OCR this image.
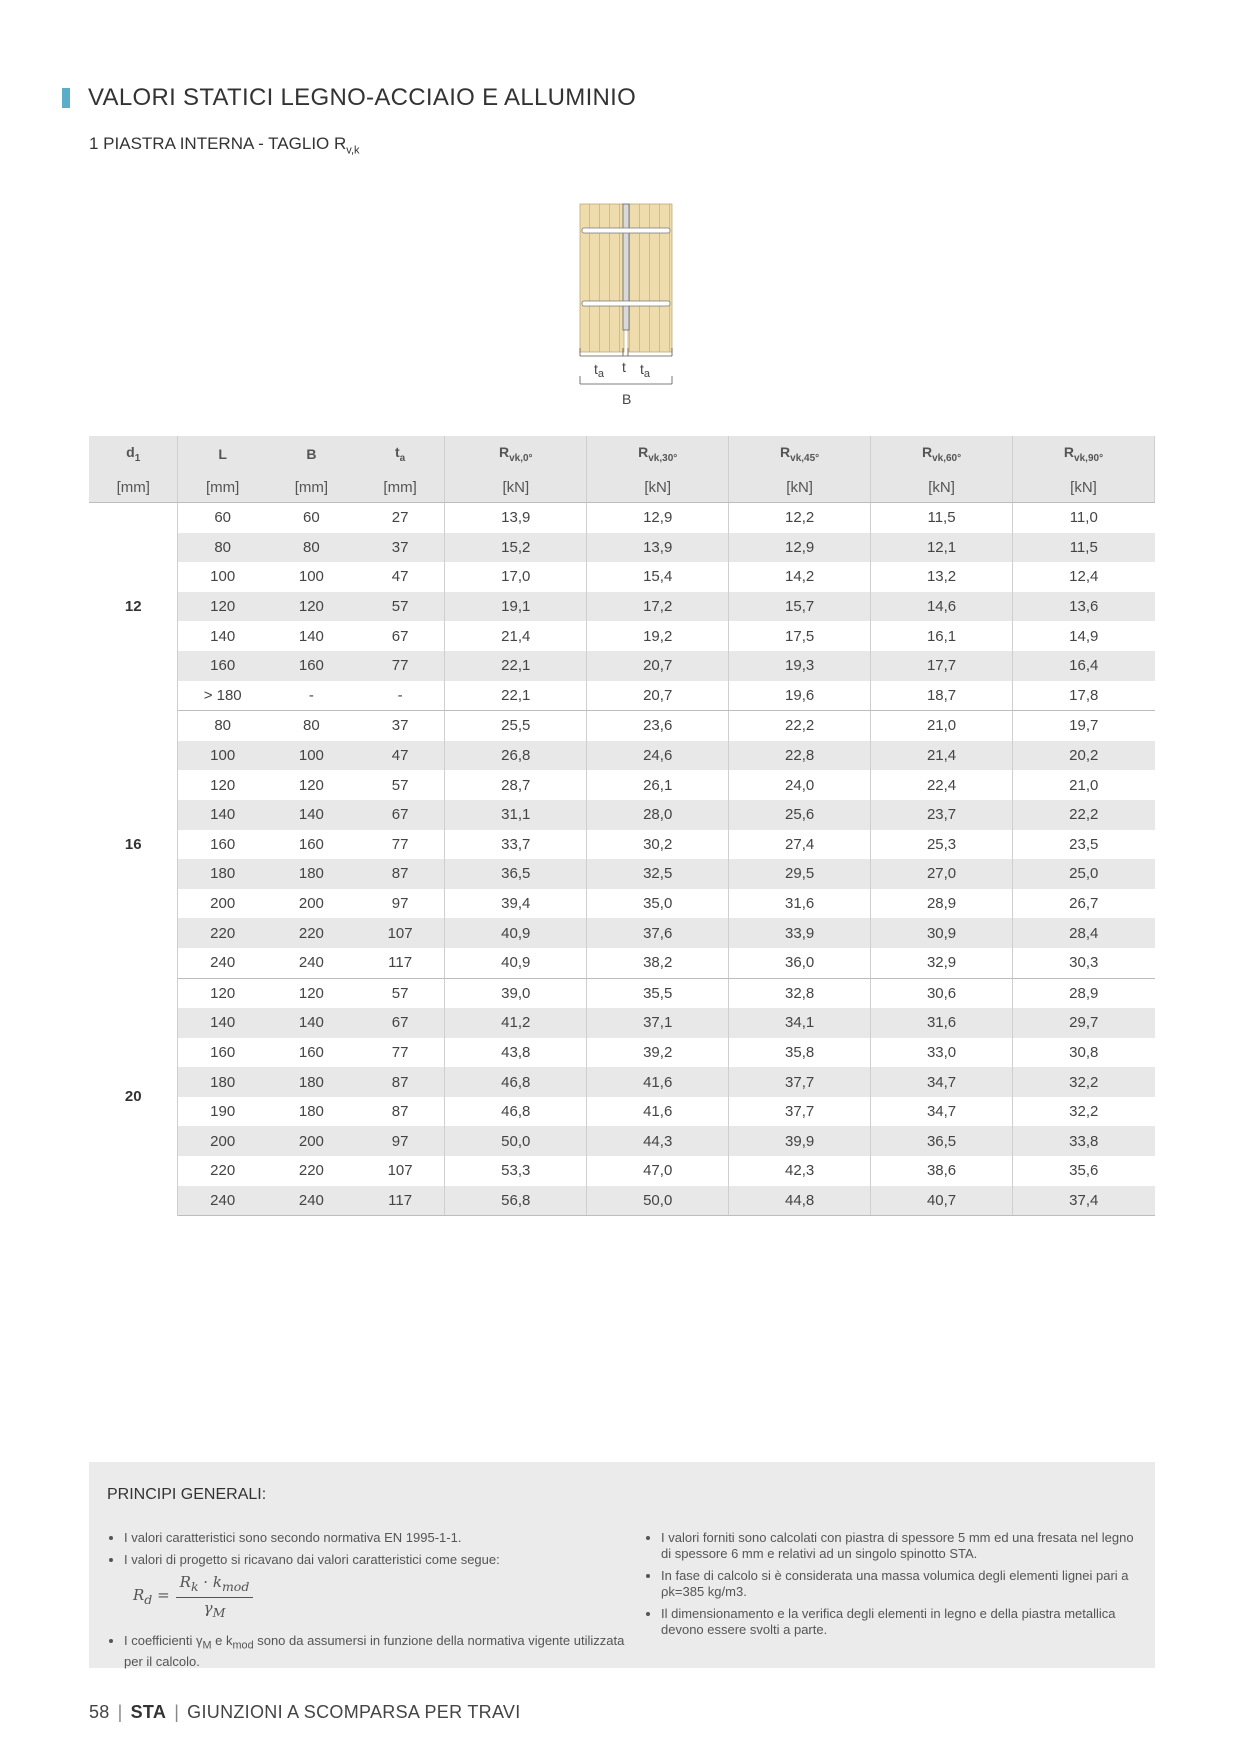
VALORI STATICI LEGNO-ACCIAIO E ALLUMINIO
1 PIASTRA INTERNA - TAGLIO $R_{v,k}$
$t_a$ t $t_a$
B
$d_1$	L	B	$t_a$	$R_{vk,0^\circ}$	$R_{vk,30^\circ}$	$R_{vk,45^\circ}$	$R_{vk,60^\circ}$	$R_{vk,90^\circ}$
[mm]	[mm]	[mm]	[mm]	[kN]	[kN]	[kN]	[kN]	[kN]
12	60	60	27	13,9	12,9	12,2	11,5	11,0
	80	80	37	15,2	13,9	12,9	12,1	11,5
	100	100	47	17,0	15,4	14,2	13,2	12,4
	120	120	57	19,1	17,2	15,7	14,6	13,6
	140	140	67	21,4	19,2	17,5	16,1	14,9
	160	160	77	22,1	20,7	19,3	17,7	16,4
	> 180	-	-	22,1	20,7	19,6	18,7	17,8
16	80	80	37	25,5	23,6	22,2	21,0	19,7
	100	100	47	26,8	24,6	22,8	21,4	20,2
	120	120	57	28,7	26,1	24,0	22,4	21,0
	140	140	67	31,1	28,0	25,6	23,7	22,2
	160	160	77	33,7	30,2	27,4	25,3	23,5
	180	180	87	36,5	32,5	29,5	27,0	25,0
	200	200	97	39,4	35,0	31,6	28,9	26,7
	220	220	107	40,9	37,6	33,9	30,9	28,4
	240	240	117	40,9	38,2	36,0	32,9	30,3
20	120	120	57	39,0	35,5	32,8	30,6	28,9
	140	140	67	41,2	37,1	34,1	31,6	29,7
	160	160	77	43,8	39,2	35,8	33,0	30,8
	180	180	87	46,8	41,6	37,7	34,7	32,2
	190	180	87	46,8	41,6	37,7	34,7	32,2
	200	200	97	50,0	44,3	39,9	36,5	33,8
	220	220	107	53,3	47,0	42,3	38,6	35,6
	240	240	117	56,8	50,0	44,8	40,7	37,4
PRINCIPI GENERALI:
• I valori caratteristici sono secondo normativa EN 1995-1-1.
• I valori di progetto si ricavano dai valori caratteristici come segue:
$R_d = \frac{R_k \cdot k_{mod}}{\gamma_M}$
• I coefficienti $\gamma_M$ e $k_{mod}$ sono da assumersi in funzione della normativa vigente utilizzata per il calcolo.
• I valori forniti sono calcolati con piastra di spessore 5 mm ed una fresata nel legno di spessore 6 mm e relativi ad un singolo spinotto STA.
• In fase di calcolo si è considerata una massa volumica degli elementi lignei pari a ρk=385 kg/m3.
• Il dimensionamento e la verifica degli elementi in legno e della piastra metallica devono essere svolti a parte.
58 | STA | GIUNZIONI A SCOMPARSA PER TRAVI
